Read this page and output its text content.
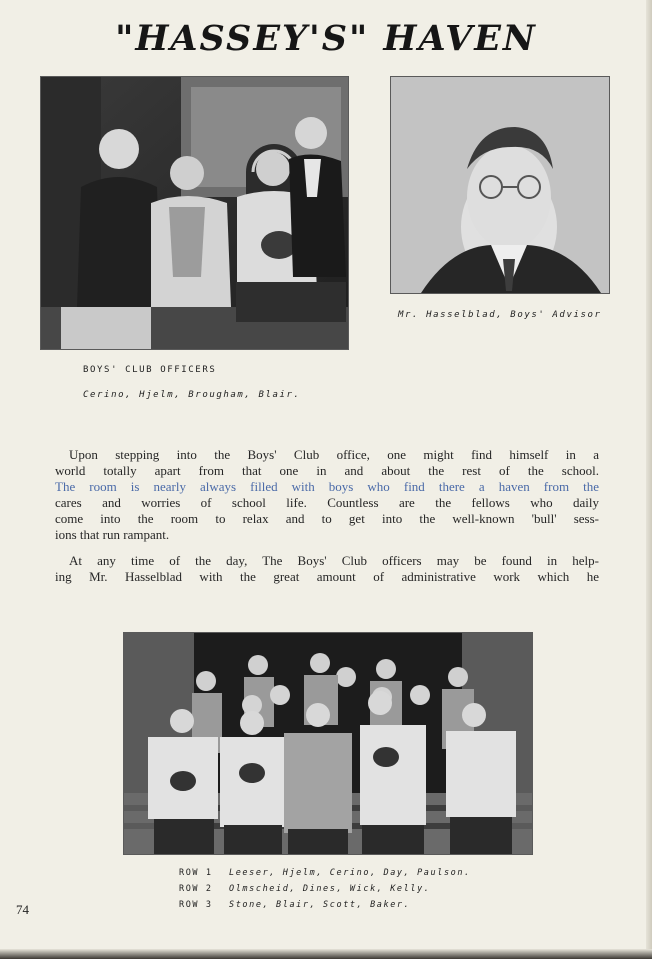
"HASSEY'S" HAVEN
Mr. Hasselblad, Boys' Advisor
BOYS' CLUB OFFICERS
Cerino, Hjelm, Brougham, Blair.
Upon stepping into the Boys' Club office, one might find himself in a
world totally apart from that one in and about the rest of the school.
The room is nearly always filled with boys who find there a haven from the
cares and worries of school life. Countless are the fellows who daily
come into the room to relax and to get into the well-known 'bull' sess-
ions that run rampant.
At any time of the day, The Boys' Club officers may be found in help-
ing Mr. Hasselblad with the great amount of administrative work which he
ROW 1 Leeser, Hjelm, Cerino, Day, Paulson.
ROW 2 Olmscheid, Dines, Wick, Kelly.
ROW 3 Stone, Blair, Scott, Baker.
74
